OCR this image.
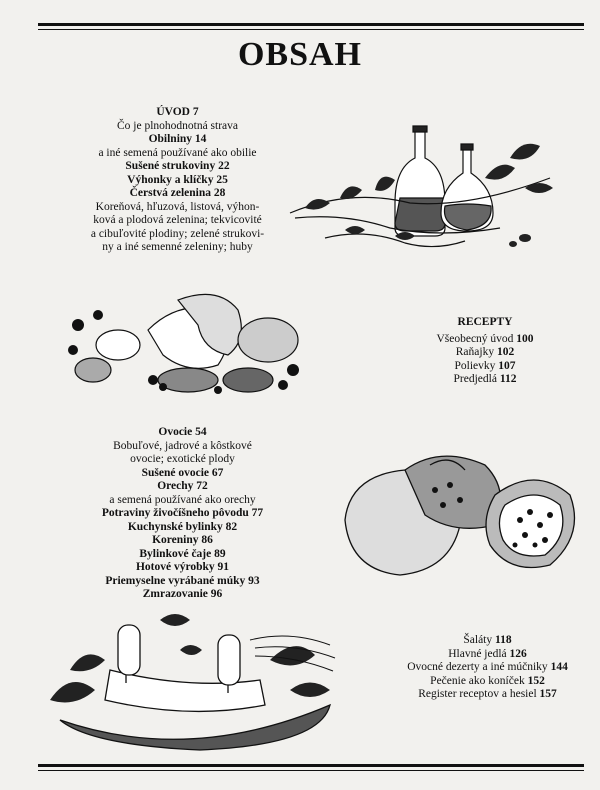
OBSAH
ÚVOD 7
Čo je plnohodnotná strava
Obilniny 14
a iné semená používané ako obilie
Sušené strukoviny 22
Výhonky a klíčky 25
Čerstvá zelenina 28
Koreňová, hľuzová, listová, výhon-
ková a plodová zelenina; tekvicovité
a cibuľovité plodiny; zelené strukovi-
ny a iné semenné zeleniny; huby
RECEPTY
Všeobecný úvod 100
Raňajky 102
Polievky 107
Predjedlá 112
Ovocie 54
Bobuľové, jadrové a kôstkové
ovocie; exotické plody
Sušené ovocie 67
Orechy 72
a semená používané ako orechy
Potraviny živočíšneho pôvodu 77
Kuchynské bylinky 82
Koreniny 86
Bylinkové čaje 89
Hotové výrobky 91
Priemyselne vyrábané múky 93
Zmrazovanie 96
Šaláty 118
Hlavné jedlá 126
Ovocné dezerty a iné múčniky 144
Pečenie ako koníček 152
Register receptov a hesiel 157
